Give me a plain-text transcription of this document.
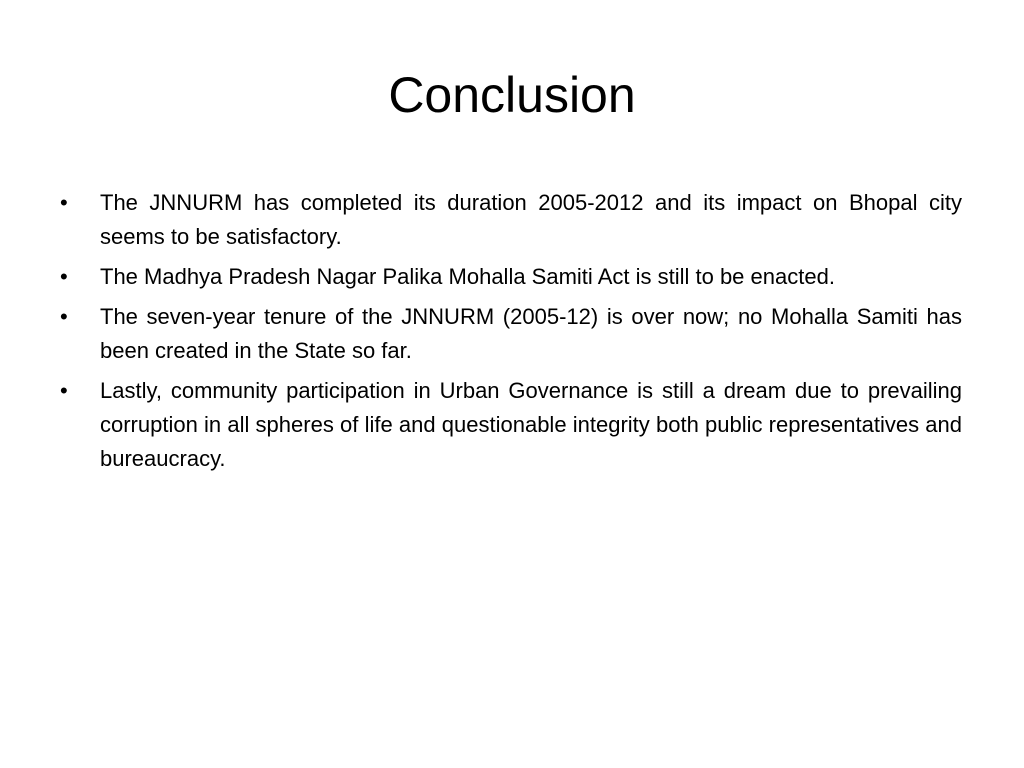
Conclusion
•	The JNNURM has completed its duration 2005-2012 and its impact on Bhopal city seems to be satisfactory.
•	The Madhya Pradesh Nagar Palika Mohalla Samiti Act is still to be enacted.
•	The seven-year tenure of the JNNURM (2005-12) is over now; no Mohalla Samiti has been created in the State so far.
•	Lastly, community participation in Urban Governance is still a dream due to prevailing corruption in all spheres of life and questionable integrity both public representatives and bureaucracy.
